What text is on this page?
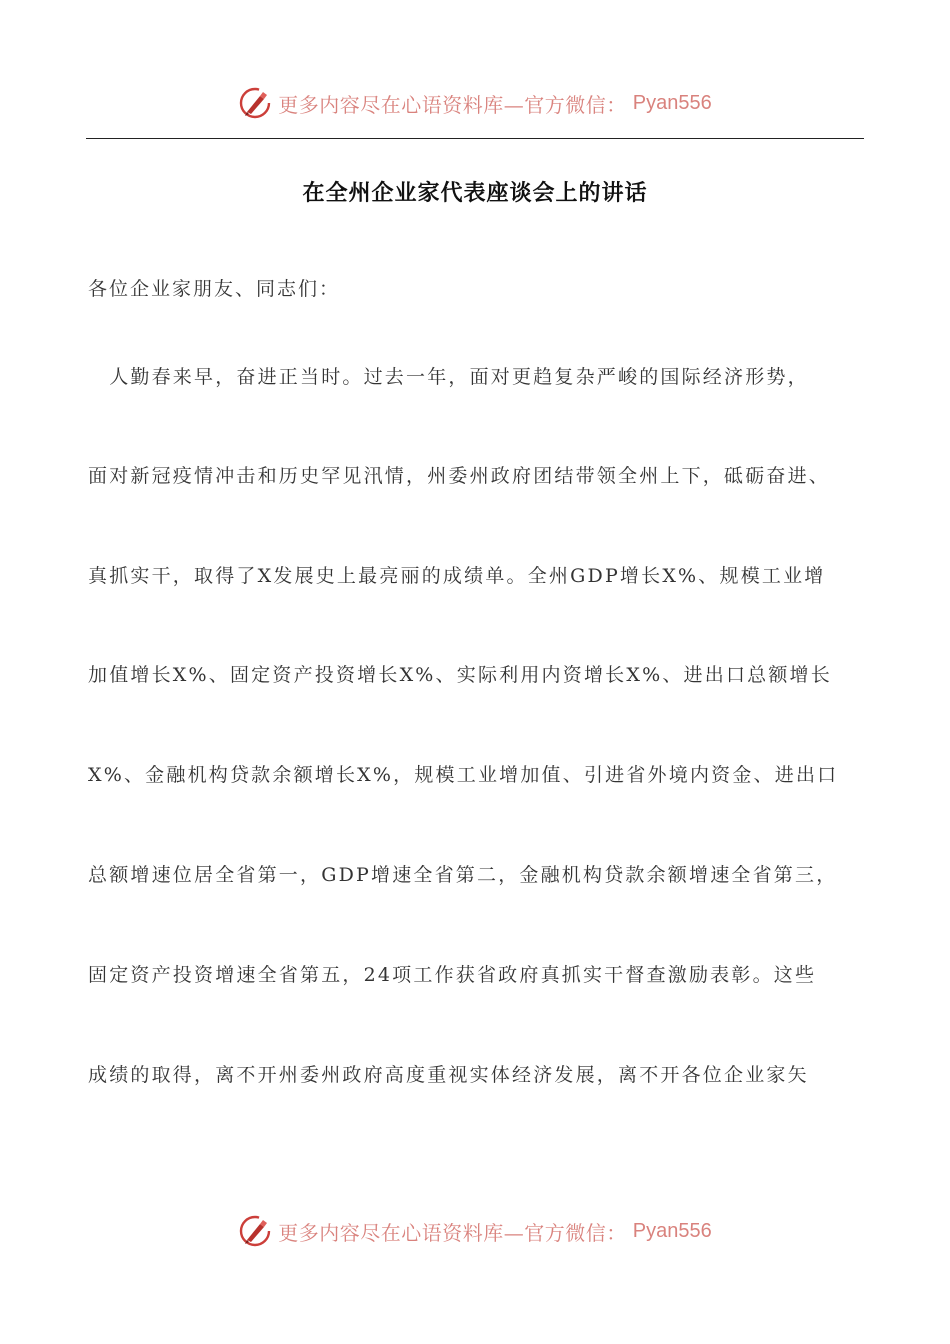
更多内容尽在心语资料库—官方微信： Pyan556
在全州企业家代表座谈会上的讲话
各位企业家朋友、同志们：
　人勤春来早，奋进正当时。过去一年，面对更趋复杂严峻的国际经济形势，
面对新冠疫情冲击和历史罕见汛情，州委州政府团结带领全州上下，砥砺奋进、
真抓实干，取得了X发展史上最亮丽的成绩单。全州GDP增长X%、规模工业增
加值增长X%、固定资产投资增长X%、实际利用内资增长X%、进出口总额增长
X%、金融机构贷款余额增长X%，规模工业增加值、引进省外境内资金、进出口
总额增速位居全省第一，GDP增速全省第二，金融机构贷款余额增速全省第三，
固定资产投资增速全省第五，24项工作获省政府真抓实干督查激励表彰。这些
成绩的取得，离不开州委州政府高度重视实体经济发展，离不开各位企业家矢
更多内容尽在心语资料库—官方微信： Pyan556
